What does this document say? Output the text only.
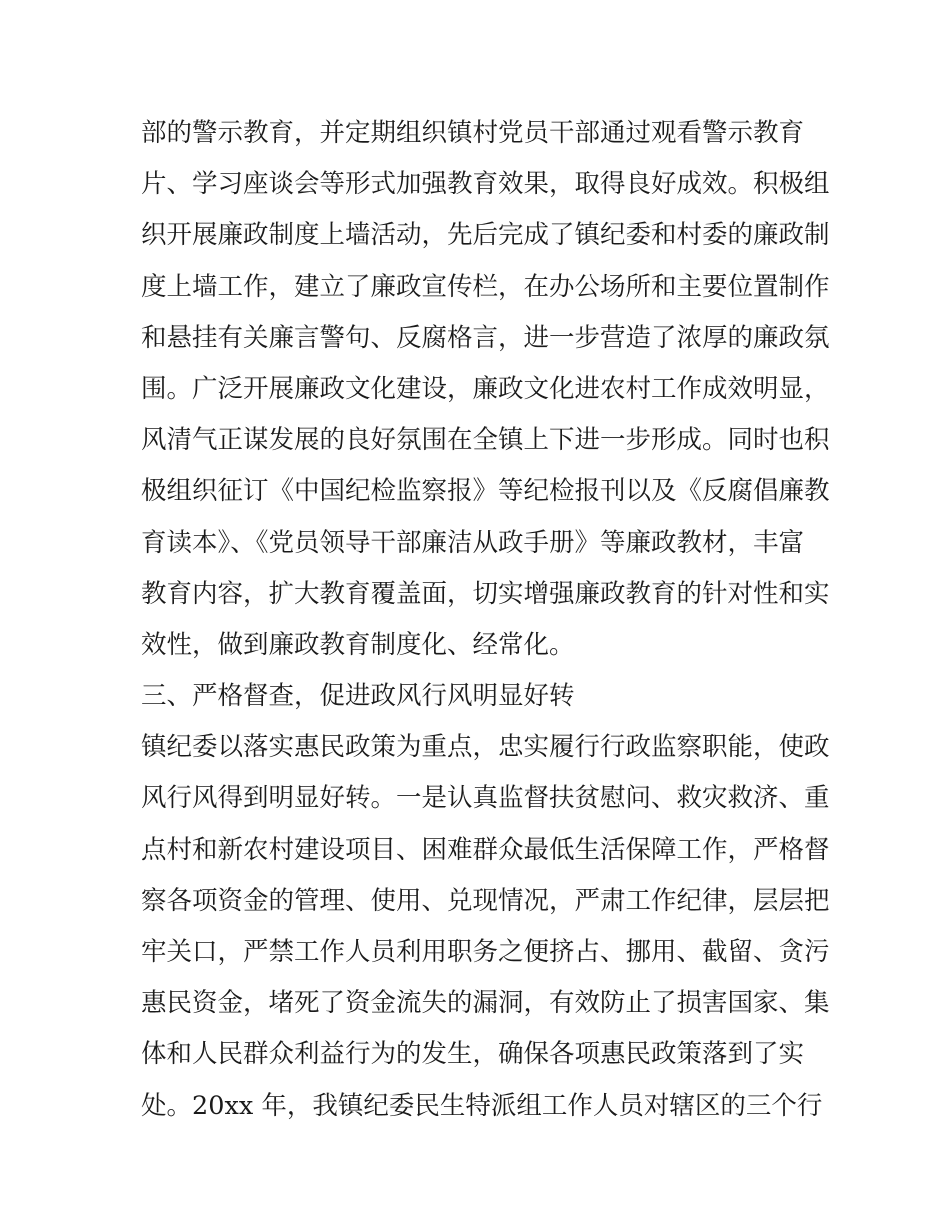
部的警示教育，并定期组织镇村党员干部通过观看警示教育
片、学习座谈会等形式加强教育效果，取得良好成效。积极组
织开展廉政制度上墙活动，先后完成了镇纪委和村委的廉政制
度上墙工作，建立了廉政宣传栏，在办公场所和主要位置制作
和悬挂有关廉言警句、反腐格言，进一步营造了浓厚的廉政氛
围。广泛开展廉政文化建设，廉政文化进农村工作成效明显，
风清气正谋发展的良好氛围在全镇上下进一步形成。同时也积
极组织征订《中国纪检监察报》等纪检报刊以及《反腐倡廉教
育读本》、《党员领导干部廉洁从政手册》等廉政教材，丰富
教育内容，扩大教育覆盖面，切实增强廉政教育的针对性和实
效性，做到廉政教育制度化、经常化。
三、严格督查，促进政风行风明显好转
镇纪委以落实惠民政策为重点，忠实履行行政监察职能，使政
风行风得到明显好转。一是认真监督扶贫慰问、救灾救济、重
点村和新农村建设项目、困难群众最低生活保障工作，严格督
察各项资金的管理、使用、兑现情况，严肃工作纪律，层层把
牢关口，严禁工作人员利用职务之便挤占、挪用、截留、贪污
惠民资金，堵死了资金流失的漏洞，有效防止了损害国家、集
体和人民群众利益行为的发生，确保各项惠民政策落到了实
处。20xx 年，我镇纪委民生特派组工作人员对辖区的三个行
